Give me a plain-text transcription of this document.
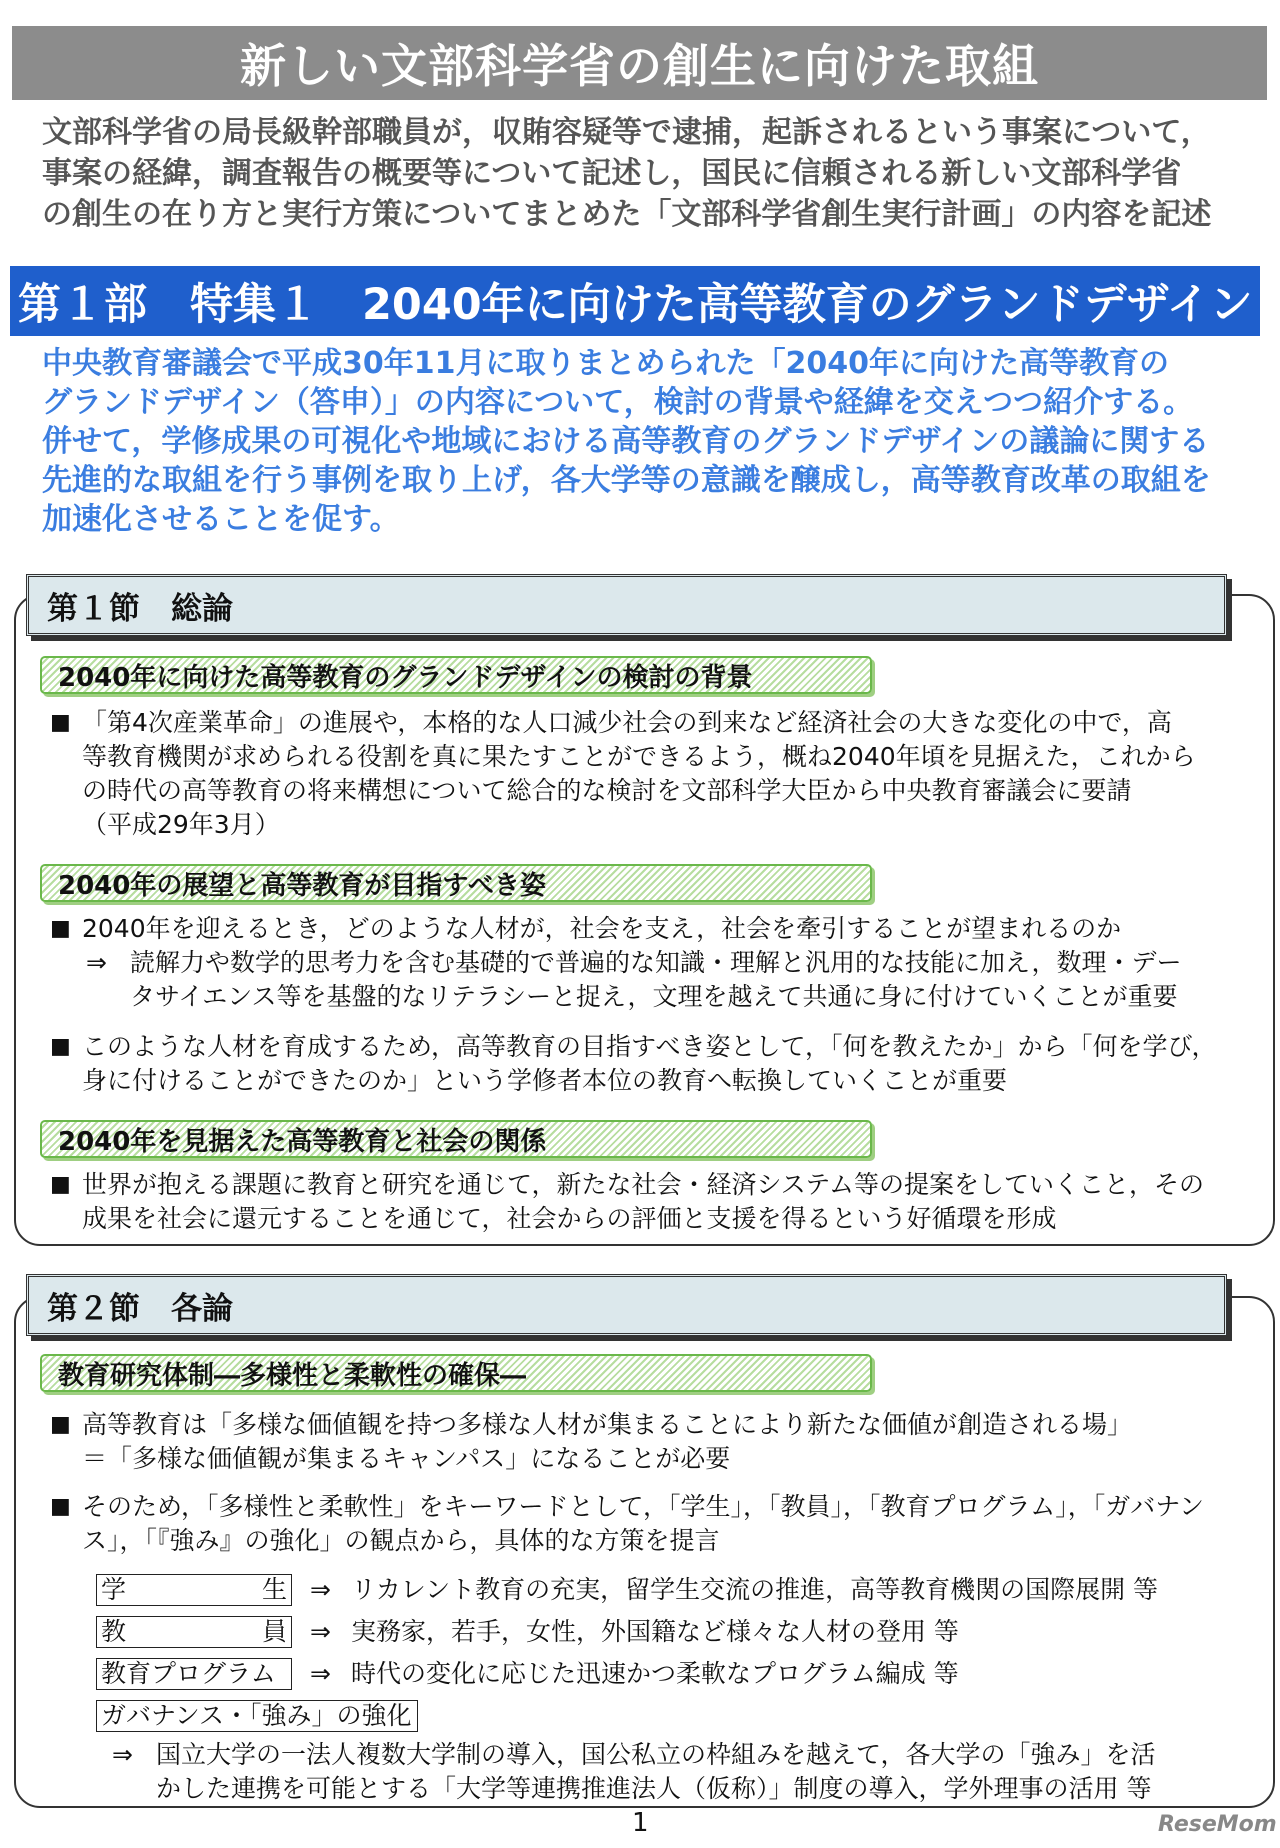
新しい文部科学省の創生に向けた取組
文部科学省の局長級幹部職員が，収賄容疑等で逮捕，起訴されるという事案について，
事案の経緯，調査報告の概要等について記述し，国民に信頼される新しい文部科学省
の創生の在り方と実行方策についてまとめた「文部科学省創生実行計画」の内容を記述
第１部　特集１　2040年に向けた高等教育のグランドデザイン
中央教育審議会で平成30年11月に取りまとめられた「2040年に向けた高等教育の
グランドデザイン（答申）」の内容について，検討の背景や経緯を交えつつ紹介する。
併せて，学修成果の可視化や地域における高等教育のグランドデザインの議論に関する
先進的な取組を行う事例を取り上げ，各大学等の意識を醸成し，高等教育改革の取組を
加速化させることを促す。
第１節　総論
2040年に向けた高等教育のグランドデザインの検討の背景
■ 「第4次産業革命」の進展や，本格的な人口減少社会の到来など経済社会の大きな変化の中で，高
等教育機関が求められる役割を真に果たすことができるよう，概ね2040年頃を見据えた，これから
の時代の高等教育の将来構想について総合的な検討を文部科学大臣から中央教育審議会に要請
（平成29年3月）
2040年の展望と高等教育が目指すべき姿
■ 2040年を迎えるとき，どのような人材が，社会を支え，社会を牽引することが望まれるのか
⇒ 読解力や数学的思考力を含む基礎的で普遍的な知識・理解と汎用的な技能に加え，数理・デー
タサイエンス等を基盤的なリテラシーと捉え，文理を越えて共通に身に付けていくことが重要
■ このような人材を育成するため，高等教育の目指すべき姿として，「何を教えたか」から「何を学び，
身に付けることができたのか」という学修者本位の教育へ転換していくことが重要
2040年を見据えた高等教育と社会の関係
■ 世界が抱える課題に教育と研究を通じて，新たな社会・経済システム等の提案をしていくこと，その
成果を社会に還元することを通じて，社会からの評価と支援を得るという好循環を形成
第２節　各論
教育研究体制―多様性と柔軟性の確保―
■ 高等教育は「多様な価値観を持つ多様な人材が集まることにより新たな価値が創造される場」
＝「多様な価値観が集まるキャンパス」になることが必要
■ そのため，「多様性と柔軟性」をキーワードとして，「学生」，「教員」，「教育プログラム」，「ガバナン
ス」，「『強み』の強化」の観点から，具体的な方策を提言
学	生 ⇒ リカレント教育の充実，留学生交流の推進，高等教育機関の国際展開 等
教	員 ⇒ 実務家，若手，女性，外国籍など様々な人材の登用 等
教育プログラム ⇒ 時代の変化に応じた迅速かつ柔軟なプログラム編成 等
ガバナンス・「強み」の強化
⇒ 国立大学の一法人複数大学制の導入，国公私立の枠組みを越えて，各大学の「強み」を活
かした連携を可能とする「大学等連携推進法人（仮称）」制度の導入，学外理事の活用 等
1	ReseMom
